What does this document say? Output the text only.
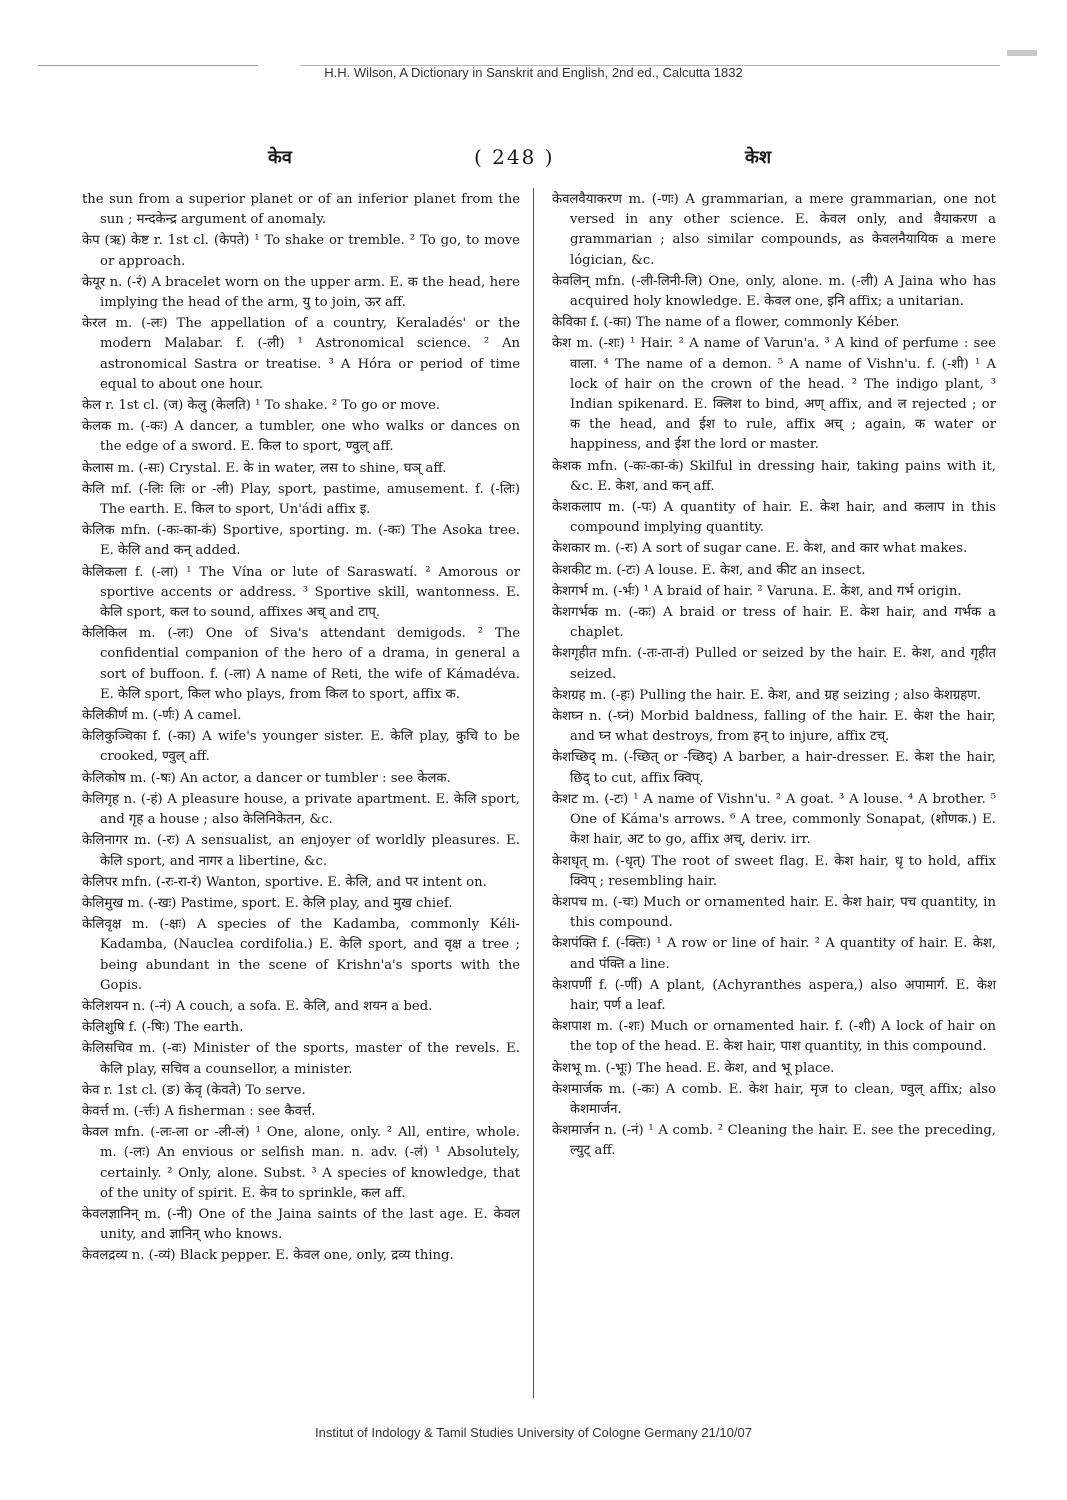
H.H. Wilson, A Dictionary in Sanskrit and English, 2nd ed., Calcutta 1832
केव	( 248 )	केश

the sun from a superior planet or of an inferior planet from the sun ; मन्दकेन्द्र argument of anomaly.

केप (ऋ) केष्ट r. 1st cl. (केपते) ¹ To shake or tremble. ² To go, to move or approach.

केयूर n. (-रं) A bracelet worn on the upper arm. E. क the head, here implying the head of the arm, यु to join, ऊर aff.

केरल m. (-लः) The appellation of a country, Keraladés' or the modern Malabar. f. (-ली) ¹ Astronomical science. ² An astronomical Sastra or treatise. ³ A Hóra or period of time equal to about one hour.

केल r. 1st cl. (ज) केलु (केलति) ¹ To shake. ² To go or move.

केलक m. (-कः) A dancer, a tumbler, one who walks or dances on the edge of a sword. E. किल to sport, ण्वुल् aff.

केलास m. (-सः) Crystal. E. के in water, लस to shine, घञ् aff.

केलि mf. (-लिः लिः or -ली) Play, sport, pastime, amusement. f. (-लिः) The earth. E. किल to sport, Un'ádi affix इ.

केलिक mfn. (-कः-का-कं) Sportive, sporting. m. (-कः) The Asoka tree. E. केलि and कन् added.

केलिकला f. (-ला) ¹ The Vína or lute of Saraswatí. ² Amorous or sportive accents or address. ³ Sportive skill, wantonness. E. केलि sport, कल to sound, affixes अच् and टाप्.

केलिकिल m. (-लः) One of Siva's attendant demigods. ² The confidential companion of the hero of a drama, in general a sort of buffoon. f. (-ला) A name of Reti, the wife of Kámadéva. E. केलि sport, किल who plays, from किल to sport, affix क.

केलिकीर्ण m. (-र्णः) A camel.

केलिकुञ्चिका f. (-का) A wife's younger sister. E. केलि play, कुचि to be crooked, ण्वुल् aff.

केलिकोष m. (-षः) An actor, a dancer or tumbler : see केलक.

केलिगृह n. (-हं) A pleasure house, a private apartment. E. केलि sport, and गृह a house ; also केलिनिकेतन, &c.

केलिनागर m. (-रः) A sensualist, an enjoyer of worldly pleasures. E. केलि sport, and नागर a libertine, &c.

केलिपर mfn. (-रः-रा-रं) Wanton, sportive. E. केलि, and पर intent on.

केलिमुख m. (-खः) Pastime, sport. E. केलि play, and मुख chief.

केलिवृक्ष m. (-क्षः) A species of the Kadamba, commonly Kéli-Kadamba, (Nauclea cordifolia.) E. केलि sport, and वृक्ष a tree ; being abundant in the scene of Krishn'a's sports with the Gopis.

केलिशयन n. (-नं) A couch, a sofa. E. केलि, and शयन a bed.

केलिशुषि f. (-षिः) The earth.

केलिसचिव m. (-वः) Minister of the sports, master of the revels. E. केलि play, सचिव a counsellor, a minister.

केव r. 1st cl. (ङ) केवृ (केवते) To serve.

केवर्त्त m. (-र्त्तः) A fisherman : see कैवर्त्त.

केवल mfn. (-लः-ला or -ली-लं) ¹ One, alone, only. ² All, entire, whole. m. (-लः) An envious or selfish man. n. adv. (-लं) ¹ Absolutely, certainly. ² Only, alone. Subst. ³ A species of knowledge, that of the unity of spirit. E. केव to sprinkle, कल aff.

केवलज्ञानिन् m. (-नी) One of the Jaina saints of the last age. E. केवल unity, and ज्ञानिन् who knows.

केवलद्रव्य n. (-व्यं) Black pepper. E. केवल one, only, द्रव्य thing.

केवलवैयाकरण m. (-णः) A grammarian, a mere grammarian, one not versed in any other science. E. केवल only, and वैयाकरण a grammarian ; also similar compounds, as केवलनैयायिक a mere lógician, &c.

केवलिन् mfn. (-ली-लिनी-लि) One, only, alone. m. (-ली) A Jaina who has acquired holy knowledge. E. केवल one, इनि affix; a unitarian.

केविका f. (-का) The name of a flower, commonly Kéber.

केश m. (-शः) ¹ Hair. ² A name of Varun'a. ³ A kind of perfume : see वाला. ⁴ The name of a demon. ⁵ A name of Vishn'u. f. (-शी) ¹ A lock of hair on the crown of the head. ² The indigo plant, ³ Indian spikenard. E. क्लिश to bind, अण् affix, and ल rejected ; or क the head, and ईश to rule, affix अच् ; again, क water or happiness, and ईश the lord or master.

केशक mfn. (-कः-का-कं) Skilful in dressing hair, taking pains with it, &c. E. केश, and कन् aff.

केशकलाप m. (-पः) A quantity of hair. E. केश hair, and कलाप in this compound implying quantity.

केशकार m. (-रः) A sort of sugar cane. E. केश, and कार what makes.

केशकीट m. (-टः) A louse. E. केश, and कीट an insect.

केशगर्भ m. (-र्भः) ¹ A braid of hair. ² Varuna. E. केश, and गर्भ origin.

केशगर्भक m. (-कः) A braid or tress of hair. E. केश hair, and गर्भक a chaplet.

केशगृहीत mfn. (-तः-ता-तं) Pulled or seized by the hair. E. केश, and गृहीत seized.

केशग्रह m. (-हः) Pulling the hair. E. केश, and ग्रह seizing ; also केशग्रहण.

केशघ्न n. (-घ्नं) Morbid baldness, falling of the hair. E. केश the hair, and घ्न what destroys, from हन् to injure, affix टच्.

केशच्छिद् m. (-च्छित् or -च्छिद्) A barber, a hair-dresser. E. केश the hair, छिद् to cut, affix क्विप्.

केशट m. (-टः) ¹ A name of Vishn'u. ² A goat. ³ A louse. ⁴ A brother. ⁵ One of Káma's arrows. ⁶ A tree, commonly Sonapat, (शोणक.) E. केश hair, अट to go, affix अच्, deriv. irr.

केशधृत् m. (-धृत्) The root of sweet flag. E. केश hair, धृ to hold, affix क्विप् ; resembling hair.

केशपच m. (-चः) Much or ornamented hair. E. केश hair, पच quantity, in this compound.

केशपंक्ति f. (-क्तिः) ¹ A row or line of hair. ² A quantity of hair. E. केश, and पंक्ति a line.

केशपर्णी f. (-र्णी) A plant, (Achyranthes aspera,) also अपामार्ग. E. केश hair, पर्ण a leaf.

केशपाश m. (-शः) Much or ornamented hair. f. (-शी) A lock of hair on the top of the head. E. केश hair, पाश quantity, in this compound.

केशभू m. (-भूः) The head. E. केश, and भू place.

केशमार्जक m. (-कः) A comb. E. केश hair, मृज to clean, ण्वुल् affix; also केशमार्जन.

केशमार्जन n. (-नं) ¹ A comb. ² Cleaning the hair. E. see the preceding, ल्युट् aff.

Institut of Indology & Tamil Studies University of Cologne Germany 21/10/07
